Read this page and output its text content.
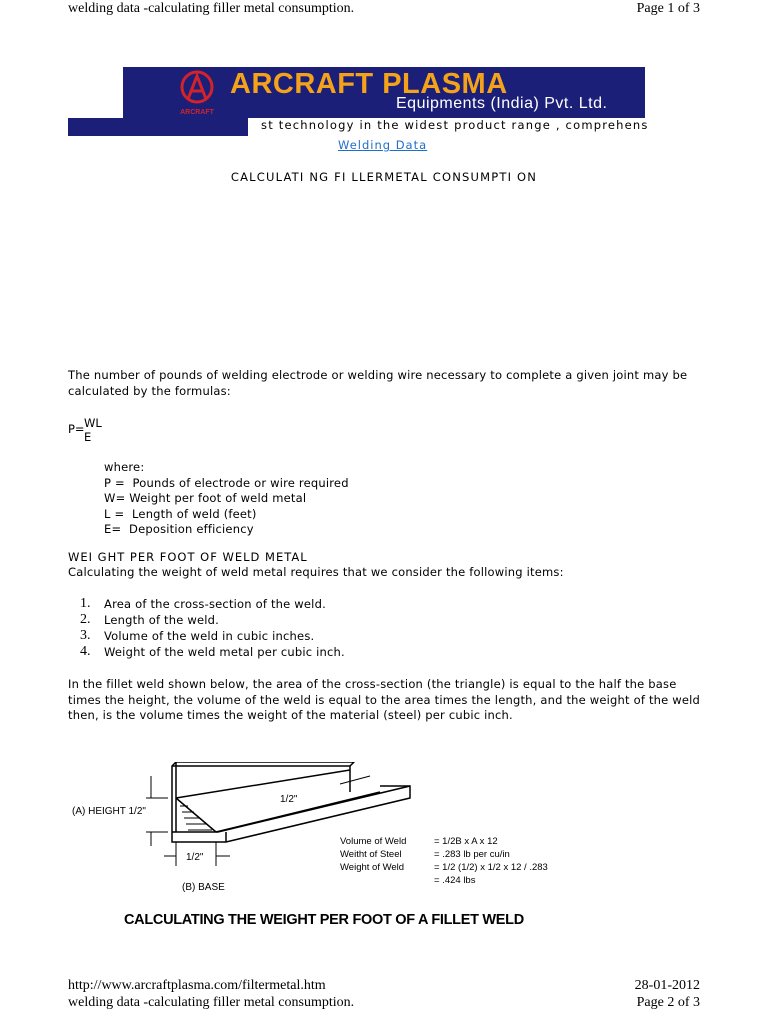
welding data -calculating filler metal consumption.	Page 1 of 3
ARCRAFT
ARCRAFT PLASMA
Equipments (India) Pvt. Ltd.
st technology in the widest product range , comprehens
Welding Data
CALCULATI NG FI LLERMETAL CONSUMPTI ON
The number of pounds of welding electrode or welding wire necessary to complete a given joint may be calculated by the formulas:
P= WL
E
where:
P =  Pounds of electrode or wire required
W= Weight per foot of weld metal
L =  Length of weld (feet)
E=  Deposition efficiency
WEI GHT PER FOOT OF WELD METAL
Calculating the weight of weld metal requires that we consider the following items:
1.	Area of the cross-section of the weld.
2.	Length of the weld.
3.	Volume of the weld in cubic inches.
4.	Weight of the weld metal per cubic inch.
In the fillet weld shown below, the area of the cross-section (the triangle) is equal to the half the base times the height, the volume of the weld is equal to the area times the length, and the weight of the weld then, is the volume times the weight of the material (steel) per cubic inch.
(A) HEIGHT 1/2"
1/2"
1/2"
(B) BASE
Volume of Weld	= 1/2B x A x 12
Weitht of Steel	= .283 lb per cu/in
Weight of Weld	= 1/2 (1/2) x 1/2 x 12 / .283
= .424 lbs
CALCULATING THE WEIGHT PER FOOT OF A FILLET WELD
http://www.arcraftplasma.com/filtermetal.htm	28-01-2012
welding data -calculating filler metal consumption.	Page 2 of 3
